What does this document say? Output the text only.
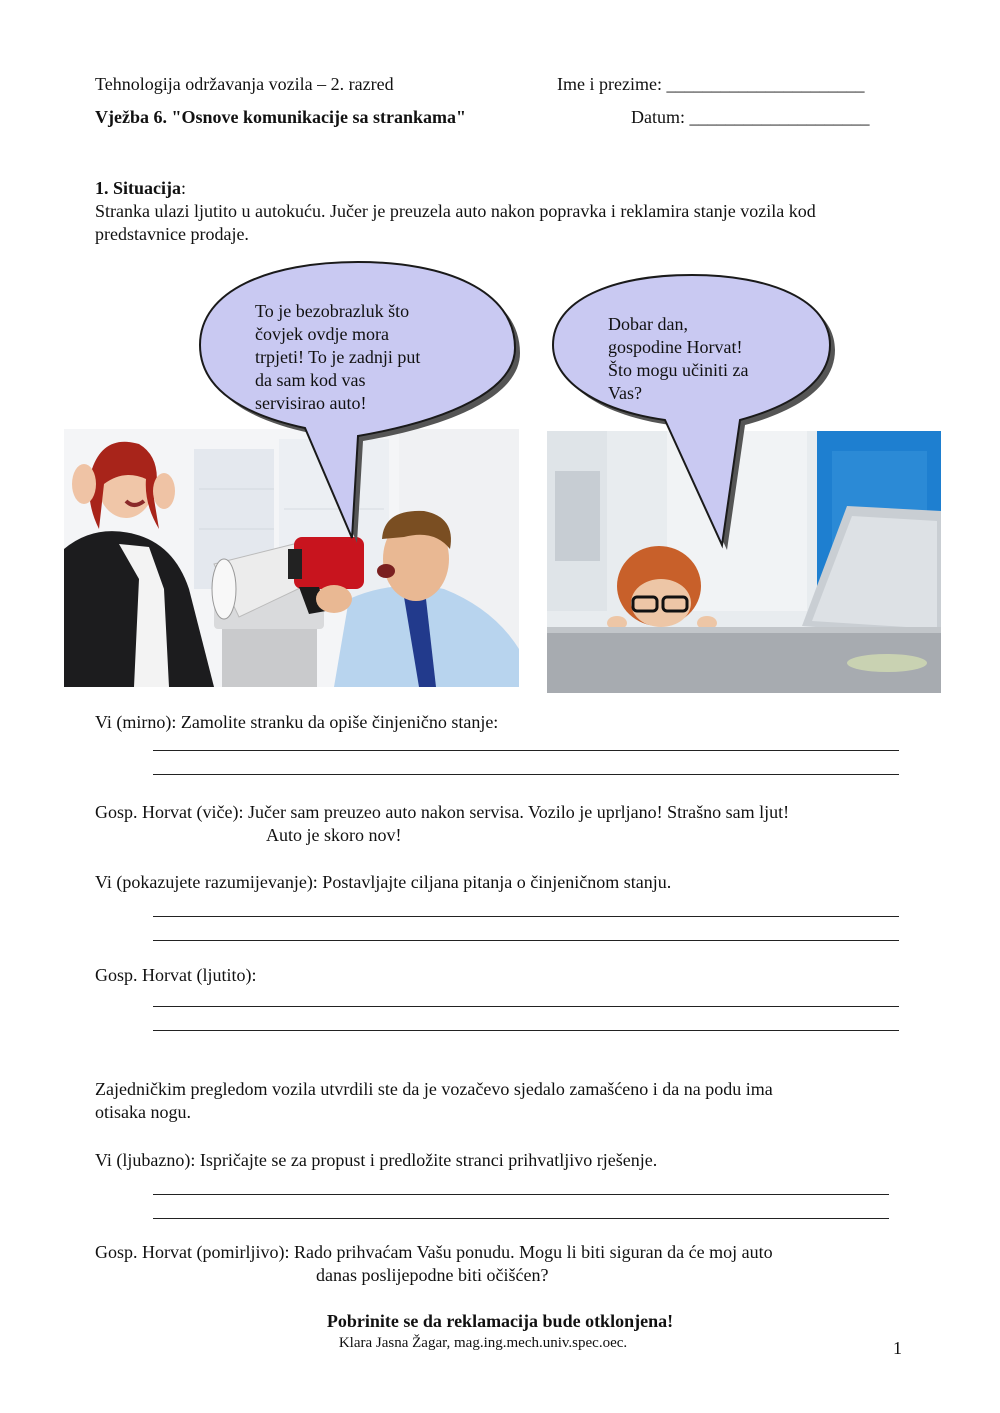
Tehnologija održavanja vozila – 2. razred	Ime i prezime: ______________________
Vježba 6. "Osnove komunikacije sa strankama"	Datum: ____________________
1. Situacija:
Stranka ulazi ljutito u autokuću. Jučer je preuzela auto nakon popravka i reklamira stanje vozila kod
predstavnice prodaje.
To je bezobrazluk što
čovjek ovdje mora
trpjeti! To je zadnji put
da sam kod vas
servisirao auto!
Dobar dan,
gospodine Horvat!
Što mogu učiniti za
Vas?
Vi (mirno): Zamolite stranku da opiše činjenično stanje:
Gosp. Horvat (viče): Jučer sam preuzeo auto nakon servisa. Vozilo je uprljano! Strašno sam ljut!
Auto je skoro nov!
Vi (pokazujete razumijevanje): Postavljajte ciljana pitanja o činjeničnom stanju.
Gosp. Horvat (ljutito):
Zajedničkim pregledom vozila utvrdili ste da je vozačevo sjedalo zamašćeno i da na podu ima
otisaka nogu.
Vi (ljubazno): Ispričajte se za propust i predložite stranci prihvatljivo rješenje.
Gosp. Horvat (pomirljivo): Rado prihvaćam Vašu ponudu. Mogu li biti siguran da će moj auto
danas poslijepodne biti očišćen?
Pobrinite se da reklamacija bude otklonjena!
Klara Jasna Žagar, mag.ing.mech.univ.spec.oec.	1
